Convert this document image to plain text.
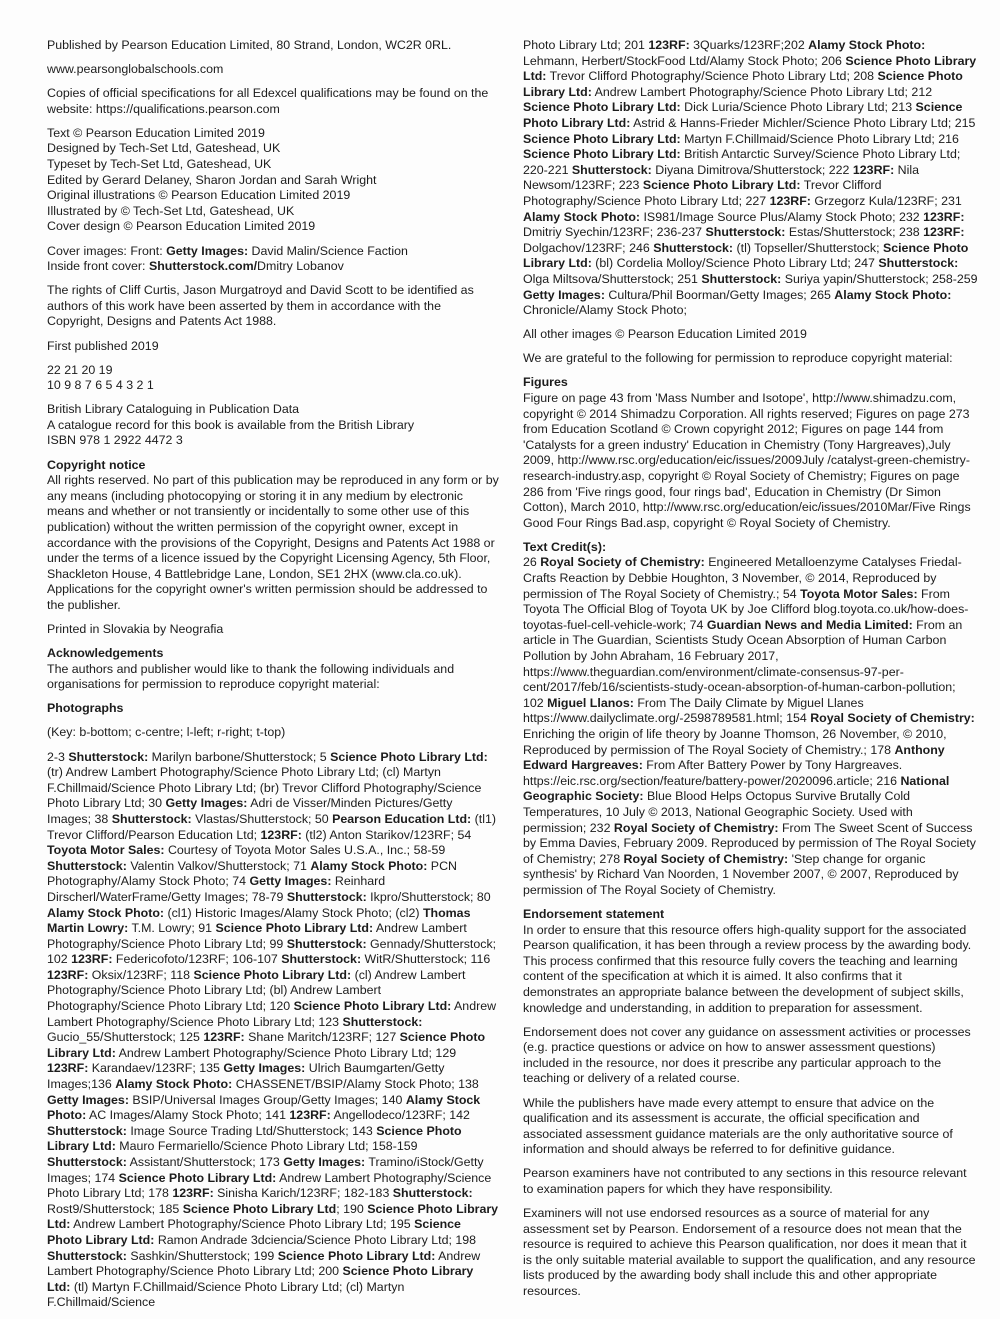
Published by Pearson Education Limited, 80 Strand, London, WC2R 0RL.
www.pearsonglobalschools.com
Copies of official specifications for all Edexcel qualifications may be found on the website: https://qualifications.pearson.com
Text © Pearson Education Limited 2019
Designed by Tech-Set Ltd, Gateshead, UK
Typeset by Tech-Set Ltd, Gateshead, UK
Edited by Gerard Delaney, Sharon Jordan and Sarah Wright
Original illustrations © Pearson Education Limited 2019
Illustrated by © Tech-Set Ltd, Gateshead, UK
Cover design © Pearson Education Limited 2019
Cover images: Front: Getty Images: David Malin/Science Faction
Inside front cover: Shutterstock.com/Dmitry Lobanov
The rights of Cliff Curtis, Jason Murgatroyd and David Scott to be identified as authors of this work have been asserted by them in accordance with the Copyright, Designs and Patents Act 1988.
First published 2019
22 21 20 19
10 9 8 7 6 5 4 3 2 1
British Library Cataloguing in Publication Data
A catalogue record for this book is available from the British Library
ISBN 978 1 2922 4472 3
Copyright notice
All rights reserved. No part of this publication may be reproduced in any form or by any means (including photocopying or storing it in any medium by electronic means and whether or not transiently or incidentally to some other use of this publication) without the written permission of the copyright owner, except in accordance with the provisions of the Copyright, Designs and Patents Act 1988 or under the terms of a licence issued by the Copyright Licensing Agency, 5th Floor, Shackleton House, 4 Battlebridge Lane, London, SE1 2HX (www.cla.co.uk). Applications for the copyright owner's written permission should be addressed to the publisher.
Printed in Slovakia by Neografia
Acknowledgements
The authors and publisher would like to thank the following individuals and organisations for permission to reproduce copyright material:
Photographs
(Key: b-bottom; c-centre; l-left; r-right; t-top)
2-3 Shutterstock: Marilyn barbone/Shutterstock; 5 Science Photo Library Ltd: (tr) Andrew Lambert Photography/Science Photo Library Ltd; (cl) Martyn F.Chillmaid/Science Photo Library Ltd; (br) Trevor Clifford Photography/Science Photo Library Ltd; 30 Getty Images: Adri de Visser/Minden Pictures/Getty Images; 38 Shutterstock: Vlastas/Shutterstock; 50 Pearson Education Ltd: (tl1) Trevor Clifford/Pearson Education Ltd; 123RF: (tl2) Anton Starikov/123RF; 54 Toyota Motor Sales: Courtesy of Toyota Motor Sales U.S.A., Inc.; 58-59 Shutterstock: Valentin Valkov/Shutterstock; 71 Alamy Stock Photo: PCN Photography/Alamy Stock Photo; 74 Getty Images: Reinhard Dirscherl/WaterFrame/Getty Images; 78-79 Shutterstock: Ikpro/Shutterstock; 80 Alamy Stock Photo: (cl1) Historic Images/Alamy Stock Photo; (cl2) Thomas Martin Lowry: T.M. Lowry; 91 Science Photo Library Ltd: Andrew Lambert Photography/Science Photo Library Ltd; 99 Shutterstock: Gennady/Shutterstock; 102 123RF: Federicofoto/123RF; 106-107 Shutterstock: WitR/Shutterstock; 116 123RF: Oksix/123RF; 118 Science Photo Library Ltd: (cl) Andrew Lambert Photography/Science Photo Library Ltd; (bl) Andrew Lambert Photography/Science Photo Library Ltd; 120 Science Photo Library Ltd: Andrew Lambert Photography/Science Photo Library Ltd; 123 Shutterstock: Gucio_55/Shutterstock; 125 123RF: Shane Maritch/123RF; 127 Science Photo Library Ltd: Andrew Lambert Photography/Science Photo Library Ltd; 129 123RF: Karandaev/123RF; 135 Getty Images: Ulrich Baumgarten/Getty Images;136 Alamy Stock Photo: CHASSENET/BSIP/Alamy Stock Photo; 138 Getty Images: BSIP/Universal Images Group/Getty Images; 140 Alamy Stock Photo: AC Images/Alamy Stock Photo; 141 123RF: Angellodeco/123RF; 142 Shutterstock: Image Source Trading Ltd/Shutterstock; 143 Science Photo Library Ltd: Mauro Fermariello/Science Photo Library Ltd; 158-159 Shutterstock: Assistant/Shutterstock; 173 Getty Images: Tramino/iStock/Getty Images; 174 Science Photo Library Ltd: Andrew Lambert Photography/Science Photo Library Ltd; 178 123RF: Sinisha Karich/123RF; 182-183 Shutterstock: Rost9/Shutterstock; 185 Science Photo Library Ltd; 190 Science Photo Library Ltd: Andrew Lambert Photography/Science Photo Library Ltd; 195 Science Photo Library Ltd: Ramon Andrade 3dciencia/Science Photo Library Ltd; 198 Shutterstock: Sashkin/Shutterstock; 199 Science Photo Library Ltd: Andrew Lambert Photography/Science Photo Library Ltd; 200 Science Photo Library Ltd: (tl) Martyn F.Chillmaid/Science Photo Library Ltd; (cl) Martyn F.Chillmaid/Science
Photo Library Ltd; 201 123RF: 3Quarks/123RF;202 Alamy Stock Photo: Lehmann, Herbert/StockFood Ltd/Alamy Stock Photo; 206 Science Photo Library Ltd: Trevor Clifford Photography/Science Photo Library Ltd; 208 Science Photo Library Ltd: Andrew Lambert Photography/Science Photo Library Ltd; 212 Science Photo Library Ltd: Dick Luria/Science Photo Library Ltd; 213 Science Photo Library Ltd: Astrid & Hanns-Frieder Michler/Science Photo Library Ltd; 215 Science Photo Library Ltd: Martyn F.Chillmaid/Science Photo Library Ltd; 216 Science Photo Library Ltd: British Antarctic Survey/Science Photo Library Ltd; 220-221 Shutterstock: Diyana Dimitrova/Shutterstock; 222 123RF: Nila Newsom/123RF; 223 Science Photo Library Ltd: Trevor Clifford Photography/Science Photo Library Ltd; 227 123RF: Grzegorz Kula/123RF; 231 Alamy Stock Photo: IS981/Image Source Plus/Alamy Stock Photo; 232 123RF: Dmitriy Syechin/123RF; 236-237 Shutterstock: Estas/Shutterstock; 238 123RF: Dolgachov/123RF; 246 Shutterstock: (tl) Topseller/Shutterstock; Science Photo Library Ltd: (bl) Cordelia Molloy/Science Photo Library Ltd; 247 Shutterstock: Olga Miltsova/Shutterstock; 251 Shutterstock: Suriya yapin/Shutterstock; 258-259 Getty Images: Cultura/Phil Boorman/Getty Images; 265 Alamy Stock Photo: Chronicle/Alamy Stock Photo;
All other images © Pearson Education Limited 2019
We are grateful to the following for permission to reproduce copyright material:
Figures
Figure on page 43 from 'Mass Number and Isotope', http://www.shimadzu.com, copyright © 2014 Shimadzu Corporation. All rights reserved; Figures on page 273 from Education Scotland © Crown copyright 2012; Figures on page 144 from 'Catalysts for a green industry' Education in Chemistry (Tony Hargreaves),July 2009, http://www.rsc.org/education/eic/issues/2009July /catalyst-green-chemistry-research-industry.asp, copyright © Royal Society of Chemistry; Figures on page 286 from 'Five rings good, four rings bad', Education in Chemistry (Dr Simon Cotton), March 2010, http://www.rsc.org/education/eic/issues/2010Mar/Five Rings Good Four Rings Bad.asp, copyright © Royal Society of Chemistry.
Text Credit(s):
26 Royal Society of Chemistry: Engineered Metalloenzyme Catalyses Friedal-Crafts Reaction by Debbie Houghton, 3 November, © 2014, Reproduced by permission of The Royal Society of Chemistry.; 54 Toyota Motor Sales: From Toyota The Official Blog of Toyota UK by Joe Clifford blog.toyota.co.uk/how-does-toyotas-fuel-cell-vehicle-work; 74 Guardian News and Media Limited: From an article in The Guardian, Scientists Study Ocean Absorption of Human Carbon Pollution by John Abraham, 16 February 2017, https://www.theguardian.com/environment/climate-consensus-97-per-cent/2017/feb/16/scientists-study-ocean-absorption-of-human-carbon-pollution; 102 Miguel Llanos: From The Daily Climate by Miguel Llanes https://www.dailyclimate.org/-2598789581.html; 154 Royal Society of Chemistry: Enriching the origin of life theory by Joanne Thomson, 26 November, © 2010, Reproduced by permission of The Royal Society of Chemistry.; 178 Anthony Edward Hargreaves: From After Battery Power by Tony Hargreaves. https://eic.rsc.org/section/feature/battery-power/2020096.article; 216 National Geographic Society: Blue Blood Helps Octopus Survive Brutally Cold Temperatures, 10 July © 2013, National Geographic Society. Used with permission; 232 Royal Society of Chemistry: From The Sweet Scent of Success by Emma Davies, February 2009. Reproduced by permission of The Royal Society of Chemistry; 278 Royal Society of Chemistry: 'Step change for organic synthesis' by Richard Van Noorden, 1 November 2007, © 2007, Reproduced by permission of The Royal Society of Chemistry.
Endorsement statement
In order to ensure that this resource offers high-quality support for the associated Pearson qualification, it has been through a review process by the awarding body. This process confirmed that this resource fully covers the teaching and learning content of the specification at which it is aimed. It also confirms that it demonstrates an appropriate balance between the development of subject skills, knowledge and understanding, in addition to preparation for assessment.
Endorsement does not cover any guidance on assessment activities or processes (e.g. practice questions or advice on how to answer assessment questions) included in the resource, nor does it prescribe any particular approach to the teaching or delivery of a related course.
While the publishers have made every attempt to ensure that advice on the qualification and its assessment is accurate, the official specification and associated assessment guidance materials are the only authoritative source of information and should always be referred to for definitive guidance.
Pearson examiners have not contributed to any sections in this resource relevant to examination papers for which they have responsibility.
Examiners will not use endorsed resources as a source of material for any assessment set by Pearson. Endorsement of a resource does not mean that the resource is required to achieve this Pearson qualification, nor does it mean that it is the only suitable material available to support the qualification, and any resource lists produced by the awarding body shall include this and other appropriate resources.
